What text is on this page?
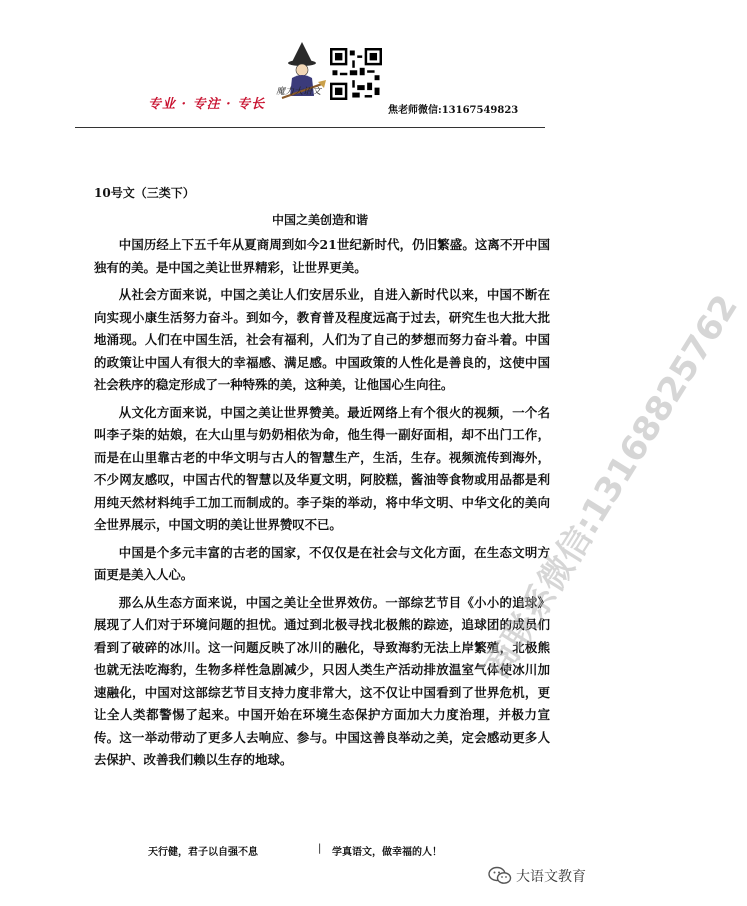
专业 · 专注 · 专长
魔力大语文
焦老师微信:13167549823
10号文（三类下）
中国之美创造和谐

中国历经上下五千年从夏商周到如今21世纪新时代，仍旧繁盛。这离不开中国独有的美。是中国之美让世界精彩，让世界更美。

从社会方面来说，中国之美让人们安居乐业，自进入新时代以来，中国不断在向实现小康生活努力奋斗。到如今，教育普及程度远高于过去，研究生也大批大批地涌现。人们在中国生活，社会有福利，人们为了自己的梦想而努力奋斗着。中国的政策让中国人有很大的幸福感、满足感。中国政策的人性化是善良的，这使中国社会秩序的稳定形成了一种特殊的美，这种美，让他国心生向往。

从文化方面来说，中国之美让世界赞美。最近网络上有个很火的视频，一个名叫李子柒的姑娘，在大山里与奶奶相依为命，他生得一副好面相，却不出门工作，而是在山里靠古老的中华文明与古人的智慧生产，生活，生存。视频流传到海外，不少网友感叹，中国古代的智慧以及华夏文明，阿胶糕，酱油等食物或用品都是利用纯天然材料纯手工加工而制成的。李子柒的举动，将中华文明、中华文化的美向全世界展示，中国文明的美让世界赞叹不已。

中国是个多元丰富的古老的国家，不仅仅是在社会与文化方面，在生态文明方面更是美入人心。

那么从生态方面来说，中国之美让全世界效仿。一部综艺节目《小小的追球》展现了人们对于环境问题的担忧。通过到北极寻找北极熊的踪迹，追球团的成员们看到了破碎的冰川。这一问题反映了冰川的融化，导致海豹无法上岸繁殖，北极熊也就无法吃海豹，生物多样性急剧减少，只因人类生产活动排放温室气体使冰川加速融化，中国对这部综艺节目支持力度非常大，这不仅让中国看到了世界危机，更让全人类都警惕了起来。中国开始在环境生态保护方面加大力度治理，并极力宣传。这一举动带动了更多人去响应、参与。中国这善良举动之美，定会感动更多人去保护、改善我们赖以生存的地球。

商联系微信:13168825762
天行健，君子以自强不息	| 学真语文，做幸福的人！
大语文教育
